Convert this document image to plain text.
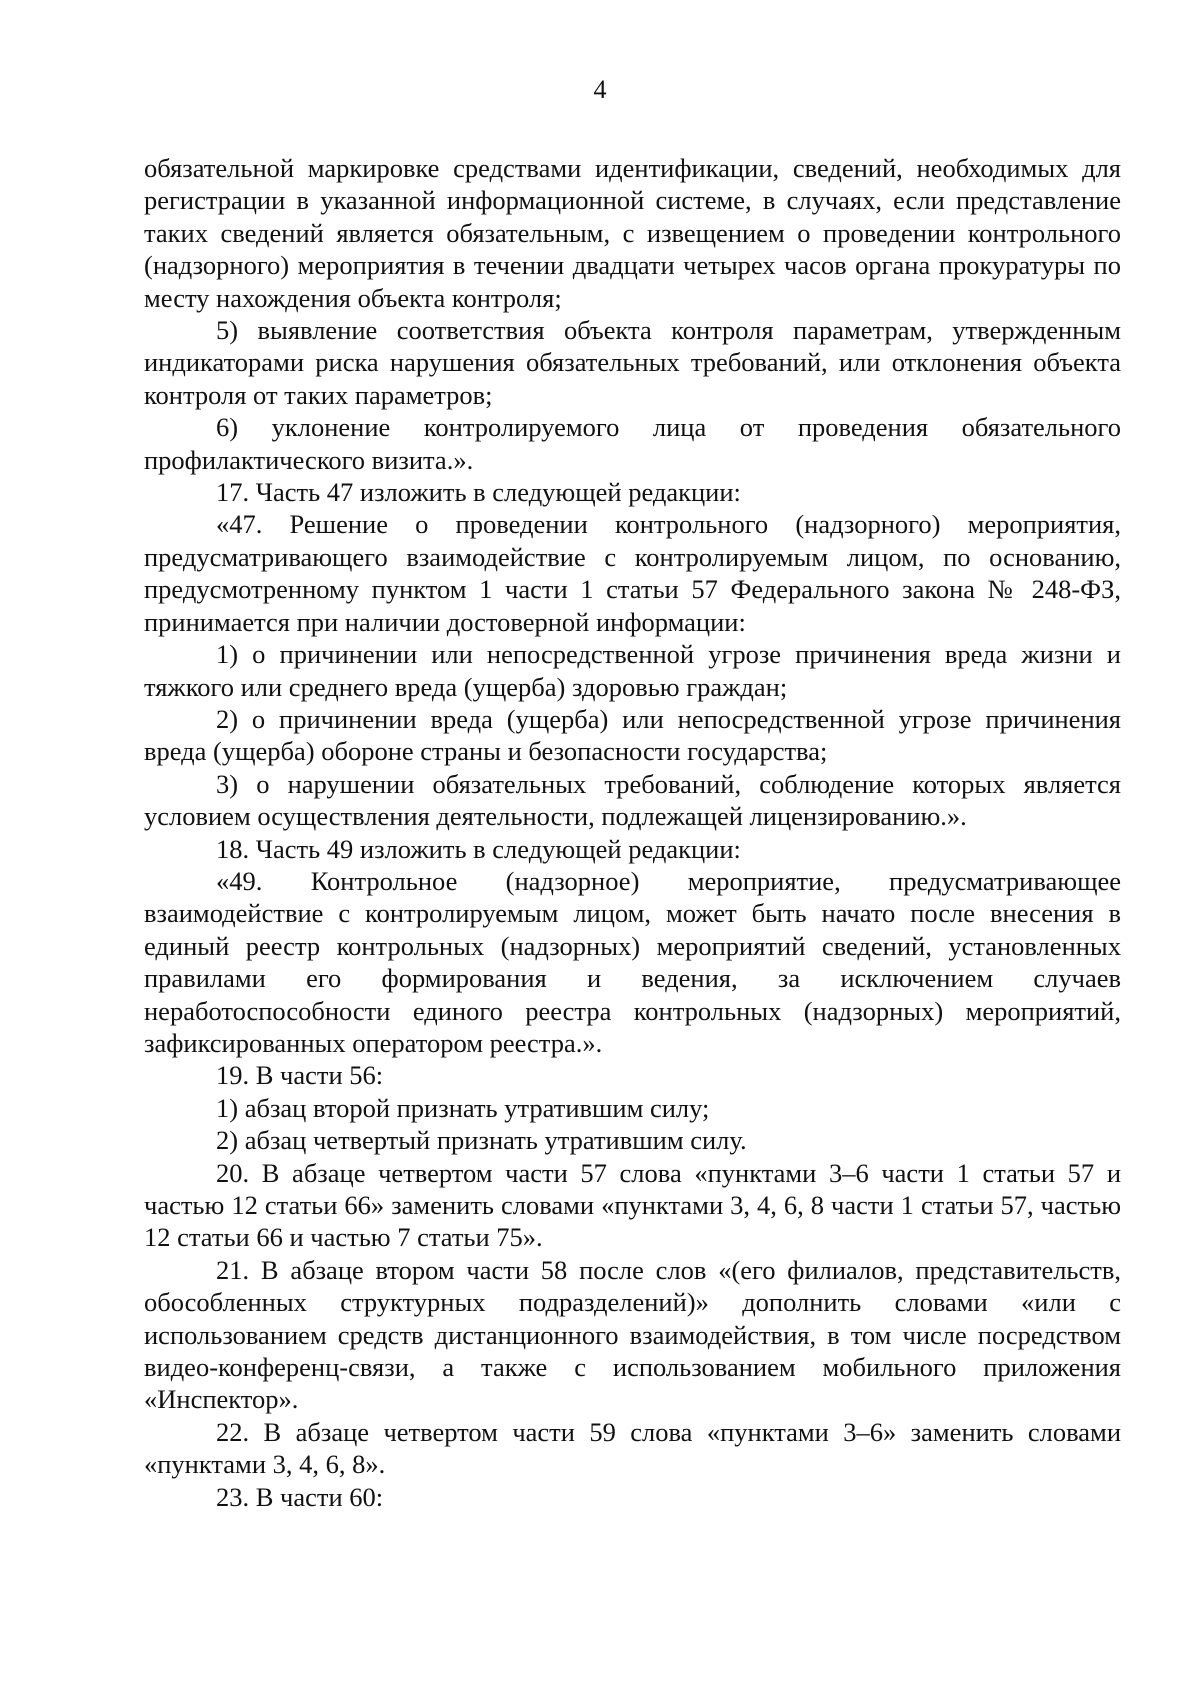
4

обязательной маркировке средствами идентификации, сведений, необходимых для регистрации в указанной информационной системе, в случаях, если представление таких сведений является обязательным, с извещением о проведении контрольного (надзорного) мероприятия в течении двадцати четырех часов органа прокуратуры по месту нахождения объекта контроля;

5) выявление соответствия объекта контроля параметрам, утвержденным индикаторами риска нарушения обязательных требований, или отклонения объекта контроля от таких параметров;

6) уклонение контролируемого лица от проведения обязательного профилактического визита.».

17. Часть 47 изложить в следующей редакции:

«47. Решение о проведении контрольного (надзорного) мероприятия, предусматривающего взаимодействие с контролируемым лицом, по основанию, предусмотренному пунктом 1 части 1 статьи 57 Федерального закона № 248-ФЗ, принимается при наличии достоверной информации:

1) о причинении или непосредственной угрозе причинения вреда жизни и тяжкого или среднего вреда (ущерба) здоровью граждан;

2) о причинении вреда (ущерба) или непосредственной угрозе причинения вреда (ущерба) обороне страны и безопасности государства;

3) о нарушении обязательных требований, соблюдение которых является условием осуществления деятельности, подлежащей лицензированию.».

18. Часть 49 изложить в следующей редакции:

«49. Контрольное (надзорное) мероприятие, предусматривающее взаимодействие с контролируемым лицом, может быть начато после внесения в единый реестр контрольных (надзорных) мероприятий сведений, установленных правилами его формирования и ведения, за исключением случаев неработоспособности единого реестра контрольных (надзорных) мероприятий, зафиксированных оператором реестра.».

19. В части 56:

1) абзац второй признать утратившим силу;

2) абзац четвертый признать утратившим силу.

20. В абзаце четвертом части 57 слова «пунктами 3–6 части 1 статьи 57 и частью 12 статьи 66» заменить словами «пунктами 3, 4, 6, 8 части 1 статьи 57, частью 12 статьи 66 и частью 7 статьи 75».

21. В абзаце втором части 58 после слов «(его филиалов, представительств, обособленных структурных подразделений)» дополнить словами «или с использованием средств дистанционного взаимодействия, в том числе посредством видео-конференц-связи, а также с использованием мобильного приложения «Инспектор».

22. В абзаце четвертом части 59 слова «пунктами 3–6» заменить словами «пунктами 3, 4, 6, 8».

23. В части 60:
